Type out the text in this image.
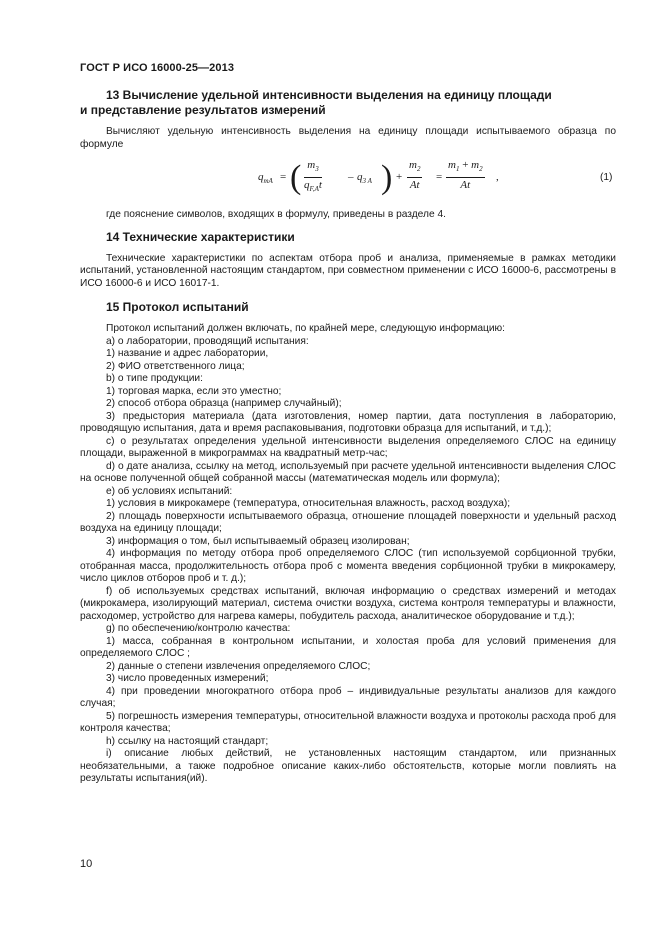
ГОСТ Р ИСО 16000-25—2013

13 Вычисление удельной интенсивности выделения на единицу площади

и представление результатов измерений

Вычисляют удельную интенсивность выделения на единицу площади испытываемого образца по формуле

$q_{mA}$ = ( $\frac{m_3}{q_{F,A}t} - q_{3 A}$ ) + $\frac{m_2}{At} = \frac{m_1 + m_2}{At}$ ,	(1)

где пояснение символов, входящих в формулу, приведены в разделе 4.

14 Технические характеристики

Технические характеристики по аспектам отбора проб и анализа, применяемые в рамках методики испытаний, установленной настоящим стандартом, при совместном применении с ИСО 16000-6, рассмотрены в ИСО 16000-6 и ИСО 16017-1.

15 Протокол испытаний

Протокол испытаний должен включать, по крайней мере, следующую информацию:

a) о лаборатории, проводящий испытания:

1) название и адрес лаборатории,

2) ФИО ответственного лица;

b) о типе продукции:

1) торговая марка, если это уместно;

2) способ отбора образца (например случайный);

3) предыстория материала (дата изготовления, номер партии, дата поступления в лабораторию, проводящую испытания, дата и время распаковывания, подготовки образца для испытаний, и т.д.);

c) о результатах определения удельной интенсивности выделения определяемого СЛОС на единицу площади, выраженной в микрограммах на квадратный метр-час;

d) о дате анализа, ссылку на метод, используемый при расчете удельной интенсивности выделения СЛОС на основе полученной общей собранной массы (математическая модель или формула);

e) об условиях испытаний:

1) условия в микрокамере (температура, относительная влажность, расход воздуха);

2) площадь поверхности испытываемого образца, отношение площадей поверхности и удельный расход воздуха на единицу площади;

3) информация о том, был испытываемый образец изолирован;

4) информация по методу отбора проб определяемого СЛОС (тип используемой сорбционной трубки, отобранная масса, продолжительность отбора проб с момента введения сорбционной трубки в микрокамеру, число циклов отборов проб и т. д.);

f) об используемых средствах испытаний, включая информацию о средствах измерений и методах (микрокамера, изолирующий материал, система очистки воздуха, система контроля температуры и влажности, расходомер, устройство для нагрева камеры, побудитель расхода, аналитическое оборудование и т.д.);

g) по обеспечению/контролю качества:

1) масса, собранная в контрольном испытании, и холостая проба для условий применения для определяемого СЛОС ;

2) данные о степени извлечения определяемого СЛОС;

3) число проведенных измерений;

4) при проведении многократного отбора проб – индивидуальные результаты анализов для каждого случая;

5) погрешность измерения температуры, относительной влажности воздуха и протоколы расхода проб для контроля качества;

h) ссылку на настоящий стандарт;

i) описание любых действий, не установленных настоящим стандартом, или признанных необязательными, а также подробное описание каких-либо обстоятельств, которые могли повлиять на результаты испытания(ий).

10
